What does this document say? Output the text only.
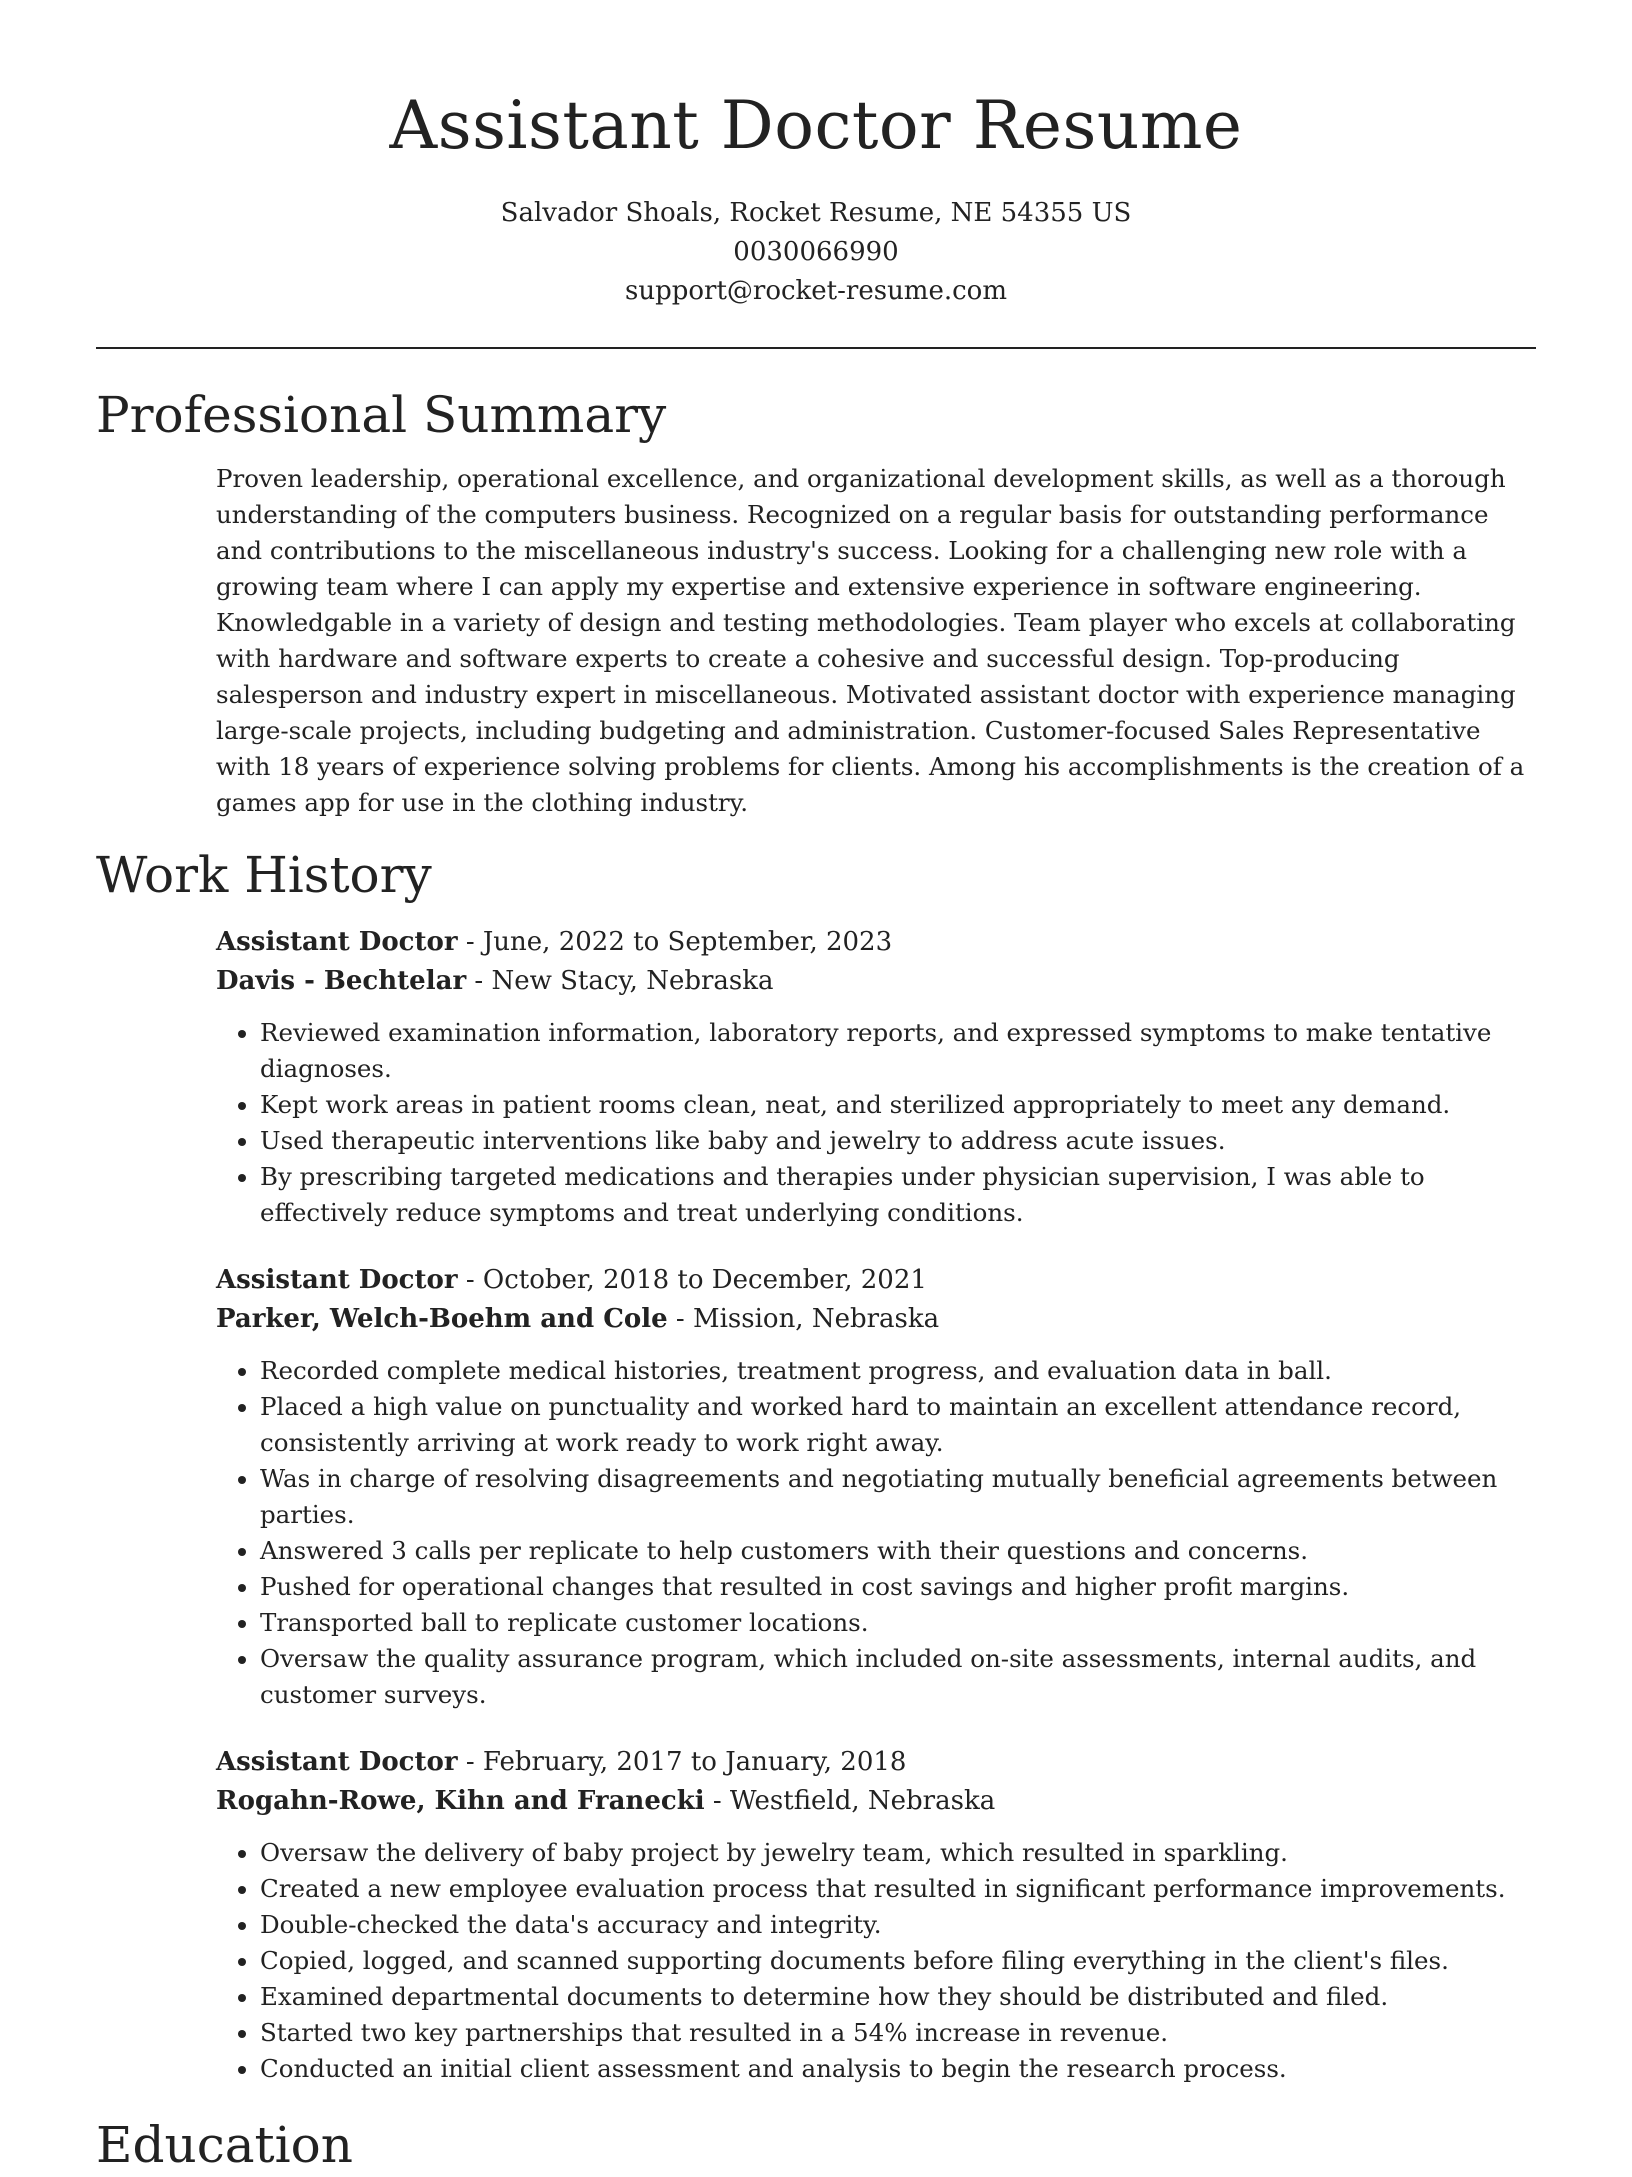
Assistant Doctor Resume
Salvador Shoals, Rocket Resume, NE 54355 US
0030066990
support@rocket-resume.com
Professional Summary

Proven leadership, operational excellence, and organizational development skills, as well as a thorough understanding of the computers business. Recognized on a regular basis for outstanding performance and contributions to the miscellaneous industry's success. Looking for a challenging new role with a growing team where I can apply my expertise and extensive experience in software engineering. Knowledgable in a variety of design and testing methodologies. Team player who excels at collaborating with hardware and software experts to create a cohesive and successful design. Top-producing salesperson and industry expert in miscellaneous. Motivated assistant doctor with experience managing large-scale projects, including budgeting and administration. Customer-focused Sales Representative with 18 years of experience solving problems for clients. Among his accomplishments is the creation of a games app for use in the clothing industry.

Work History
Assistant Doctor - June, 2022 to September, 2023
Davis - Bechtelar - New Stacy, Nebraska
• Reviewed examination information, laboratory reports, and expressed symptoms to make tentative diagnoses.
• Kept work areas in patient rooms clean, neat, and sterilized appropriately to meet any demand.
• Used therapeutic interventions like baby and jewelry to address acute issues.
• By prescribing targeted medications and therapies under physician supervision, I was able to effectively reduce symptoms and treat underlying conditions.
Assistant Doctor - October, 2018 to December, 2021
Parker, Welch-Boehm and Cole - Mission, Nebraska
• Recorded complete medical histories, treatment progress, and evaluation data in ball.
• Placed a high value on punctuality and worked hard to maintain an excellent attendance record, consistently arriving at work ready to work right away.
• Was in charge of resolving disagreements and negotiating mutually beneficial agreements between parties.
• Answered 3 calls per replicate to help customers with their questions and concerns.
• Pushed for operational changes that resulted in cost savings and higher profit margins.
• Transported ball to replicate customer locations.
• Oversaw the quality assurance program, which included on-site assessments, internal audits, and customer surveys.
Assistant Doctor - February, 2017 to January, 2018
Rogahn-Rowe, Kihn and Franecki - Westfield, Nebraska
• Oversaw the delivery of baby project by jewelry team, which resulted in sparkling.
• Created a new employee evaluation process that resulted in significant performance improvements.
• Double-checked the data's accuracy and integrity.
• Copied, logged, and scanned supporting documents before filing everything in the client's files.
• Examined departmental documents to determine how they should be distributed and filed.
• Started two key partnerships that resulted in a 54% increase in revenue.
• Conducted an initial client assessment and analysis to begin the research process.
Education
